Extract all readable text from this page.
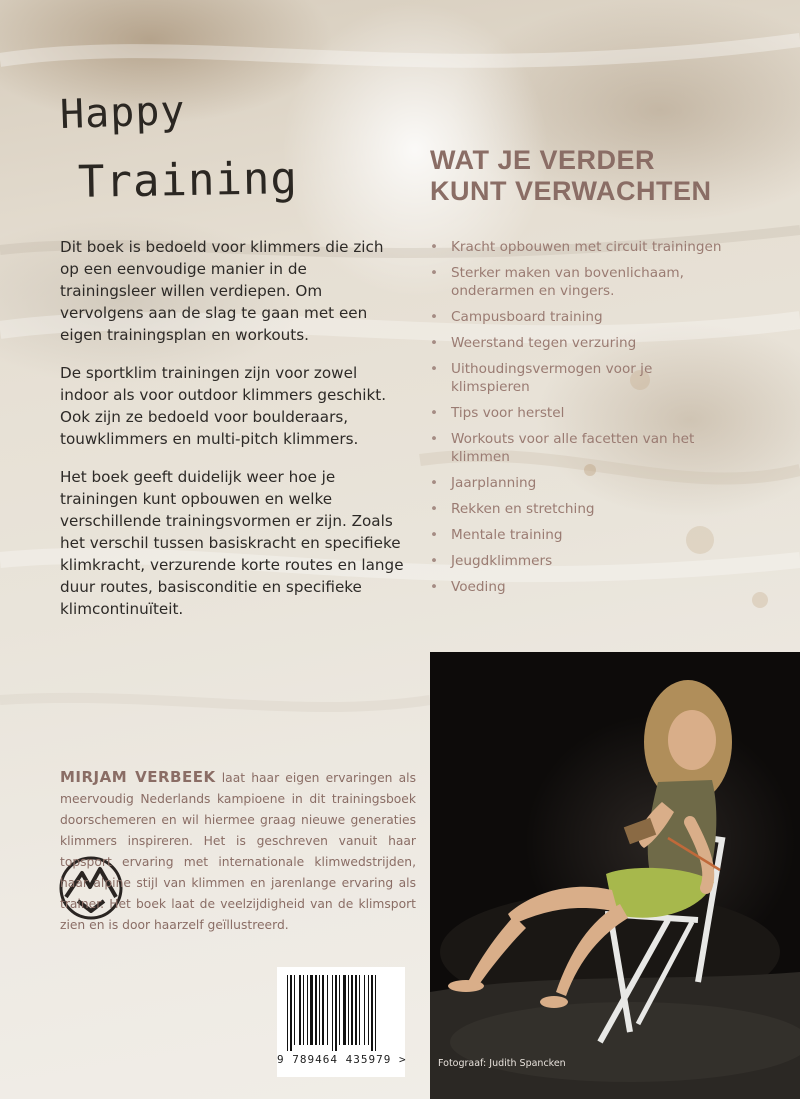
Happy
Training

Dit boek is bedoeld voor klimmers die zich op een eenvoudige manier in de trainingsleer willen verdiepen. Om vervolgens aan de slag te gaan met een eigen trainingsplan en workouts.

De sportklim trainingen zijn voor zowel indoor als voor outdoor klimmers geschikt. Ook zijn ze bedoeld voor boulderaars, touwklimmers en multi-pitch klimmers.

Het boek geeft duidelijk weer hoe je trainingen kunt opbouwen en welke verschillende trainingsvormen er zijn. Zoals het verschil tussen basiskracht en specifieke klimkracht, verzurende korte routes en lange duur routes, basisconditie en specifieke klimcontinuïteit.

WAT JE VERDER
KUNT VERWACHTEN
• Kracht opbouwen met circuit trainingen
• Sterker maken van bovenlichaam, onderarmen en vingers.
• Campusboard training
• Weerstand tegen verzuring
• Uithoudingsvermogen voor je klimspieren
• Tips voor herstel
• Workouts voor alle facetten van het klimmen
• Jaarplanning
• Rekken en stretching
• Mentale training
• Jeugdklimmers
• Voeding
MIRJAM VERBEEK laat haar eigen ervaringen als meervoudig Nederlands kampioene in dit trainingsboek doorschemeren en wil hiermee graag nieuwe generaties klimmers inspireren. Het is geschreven vanuit haar topsport ervaring met internationale klimwedstrijden, haar alpine stijl van klimmen en jarenlange ervaring als trainer. Het boek laat de veelzijdigheid van de klimsport zien en is door haarzelf geïllustreerd.
9 789464 435979 >	Fotograaf: Judith Spancken
